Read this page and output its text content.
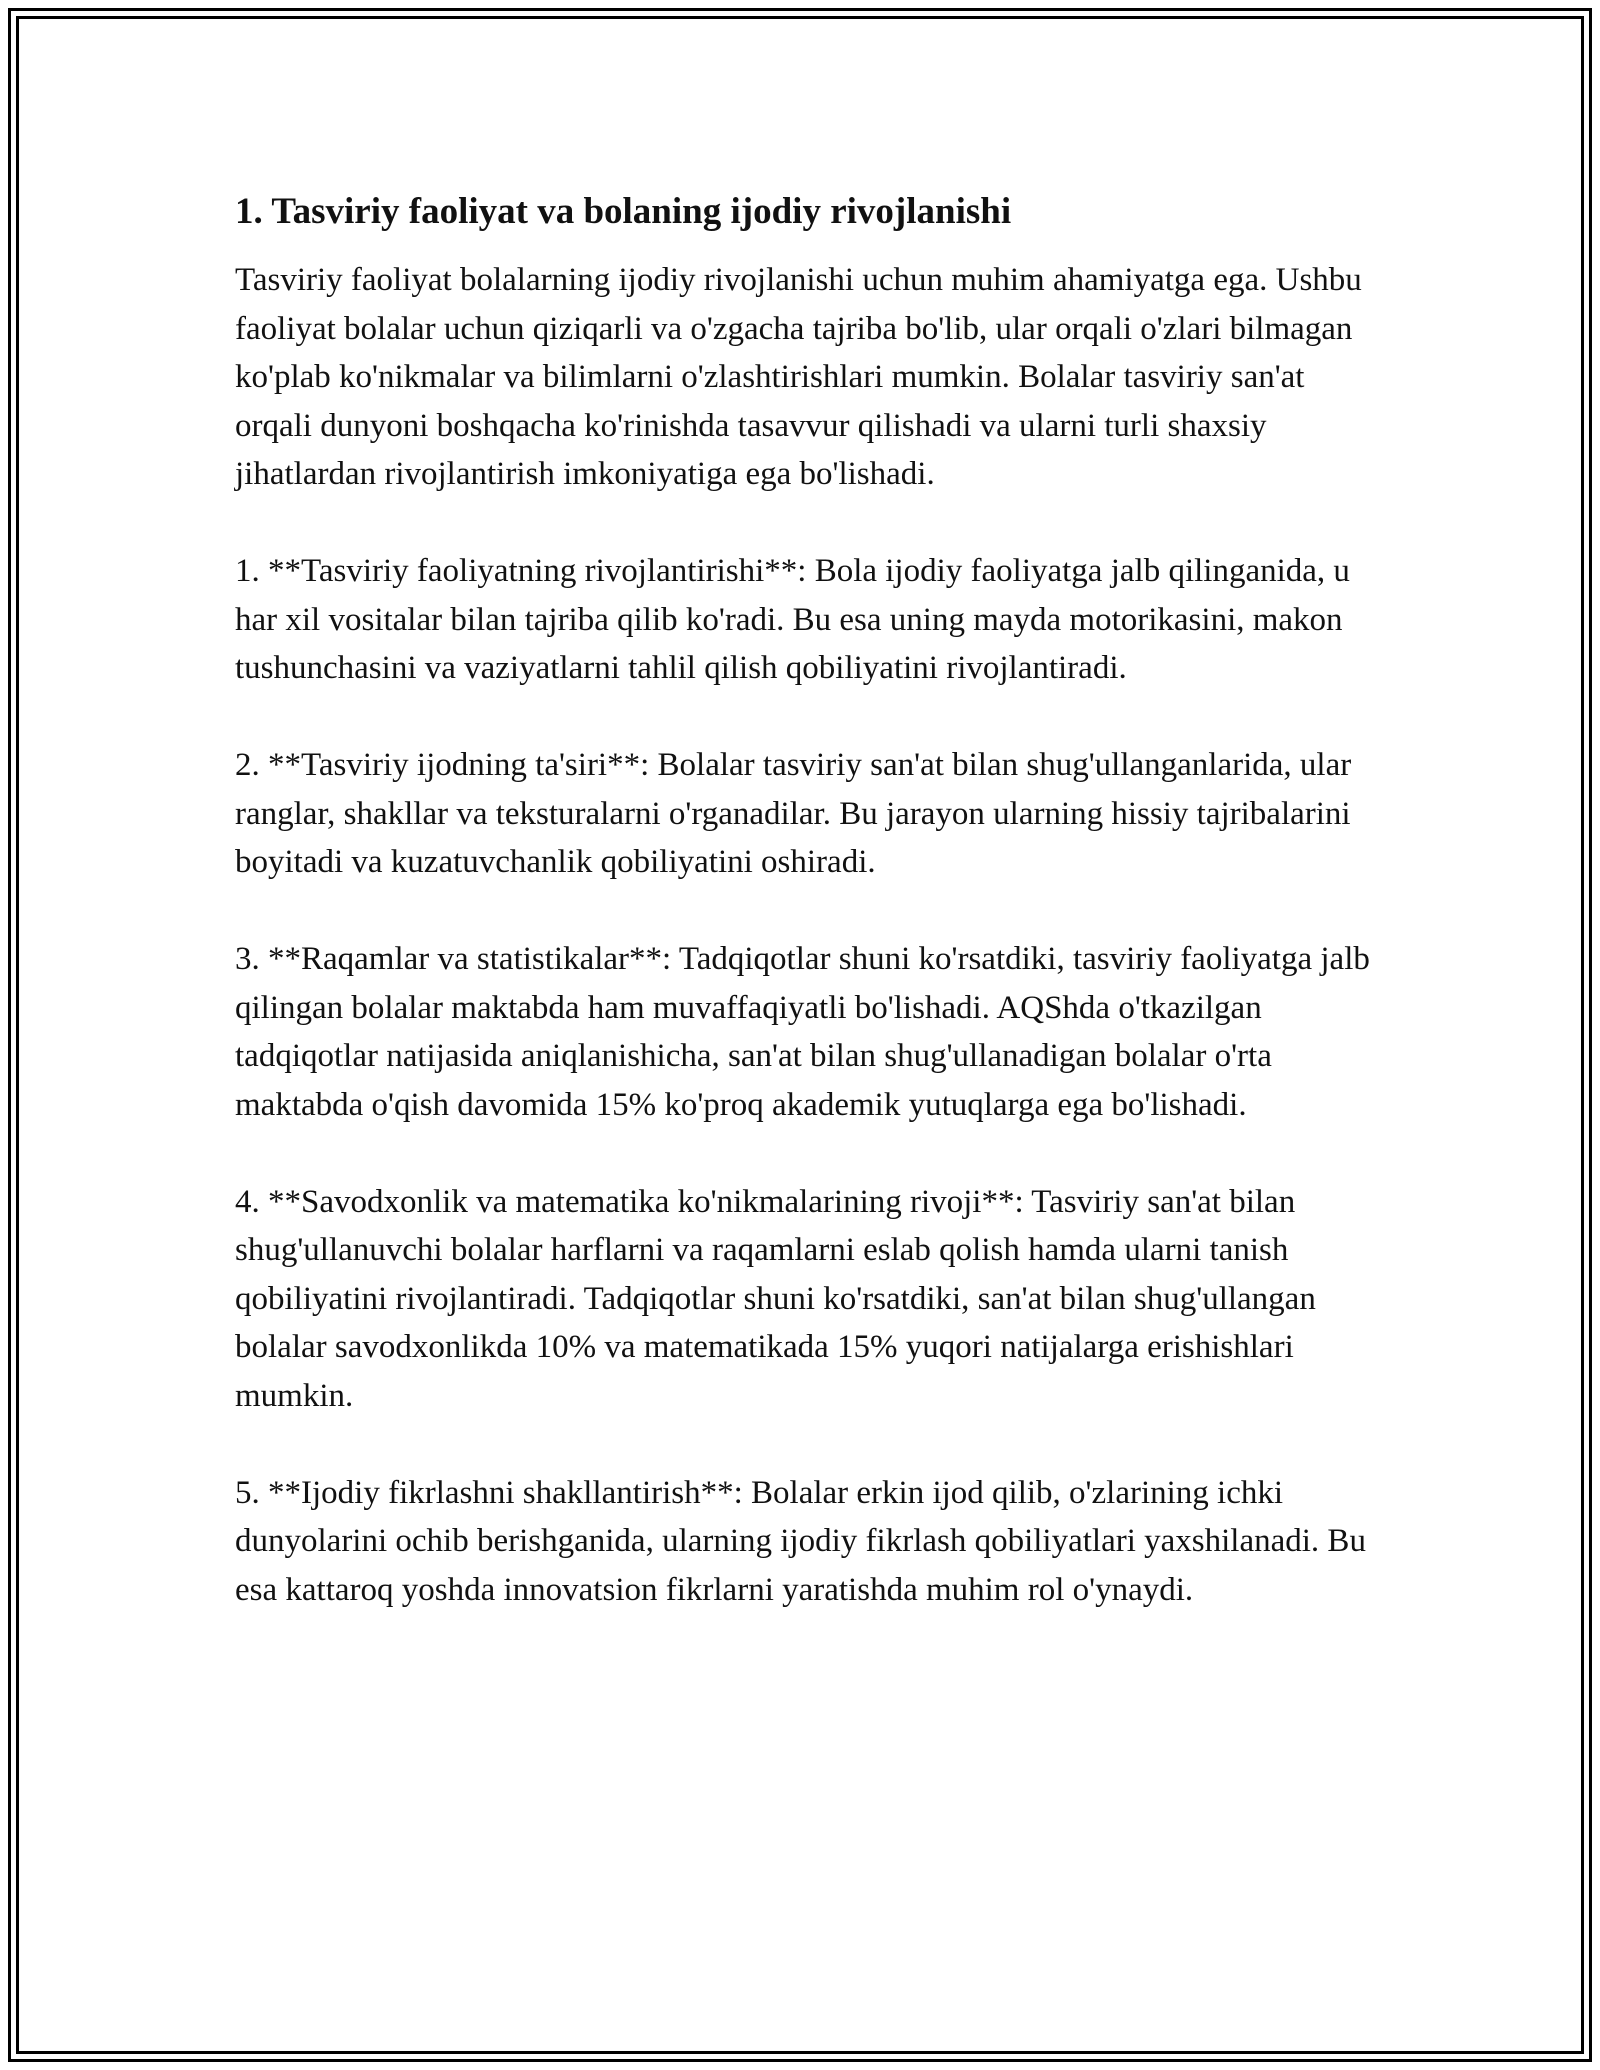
1. Tasviriy faoliyat va bolaning ijodiy rivojlanishi

Tasviriy faoliyat bolalarning ijodiy rivojlanishi uchun muhim ahamiyatga ega. Ushbu faoliyat bolalar uchun qiziqarli va o'zgacha tajriba bo'lib, ular orqali o'zlari bilmagan ko'plab ko'nikmalar va bilimlarni o'zlashtirishlari mumkin. Bolalar tasviriy san'at orqali dunyoni boshqacha ko'rinishda tasavvur qilishadi va ularni turli shaxsiy jihatlardan rivojlantirish imkoniyatiga ega bo'lishadi.

1. **Tasviriy faoliyatning rivojlantirishi**: Bola ijodiy faoliyatga jalb qilinganida, u har xil vositalar bilan tajriba qilib ko'radi. Bu esa uning mayda motorikasini, makon tushunchasini va vaziyatlarni tahlil qilish qobiliyatini rivojlantiradi.

2. **Tasviriy ijodning ta'siri**: Bolalar tasviriy san'at bilan shug'ullanganlarida, ular ranglar, shakllar va teksturalarni o'rganadilar. Bu jarayon ularning hissiy tajribalarini boyitadi va kuzatuvchanlik qobiliyatini oshiradi.

3. **Raqamlar va statistikalar**: Tadqiqotlar shuni ko'rsatdiki, tasviriy faoliyatga jalb qilingan bolalar maktabda ham muvaffaqiyatli bo'lishadi. AQShda o'tkazilgan tadqiqotlar natijasida aniqlanishicha, san'at bilan shug'ullanadigan bolalar o'rta maktabda o'qish davomida 15% ko'proq akademik yutuqlarga ega bo'lishadi.

4. **Savodxonlik va matematika ko'nikmalarining rivoji**: Tasviriy san'at bilan shug'ullanuvchi bolalar harflarni va raqamlarni eslab qolish hamda ularni tanish qobiliyatini rivojlantiradi. Tadqiqotlar shuni ko'rsatdiki, san'at bilan shug'ullangan bolalar savodxonlikda 10% va matematikada 15% yuqori natijalarga erishishlari mumkin.

5. **Ijodiy fikrlashni shakllantirish**: Bolalar erkin ijod qilib, o'zlarining ichki dunyolarini ochib berishganida, ularning ijodiy fikrlash qobiliyatlari yaxshilanadi. Bu esa kattaroq yoshda innovatsion fikrlarni yaratishda muhim rol o'ynaydi.
